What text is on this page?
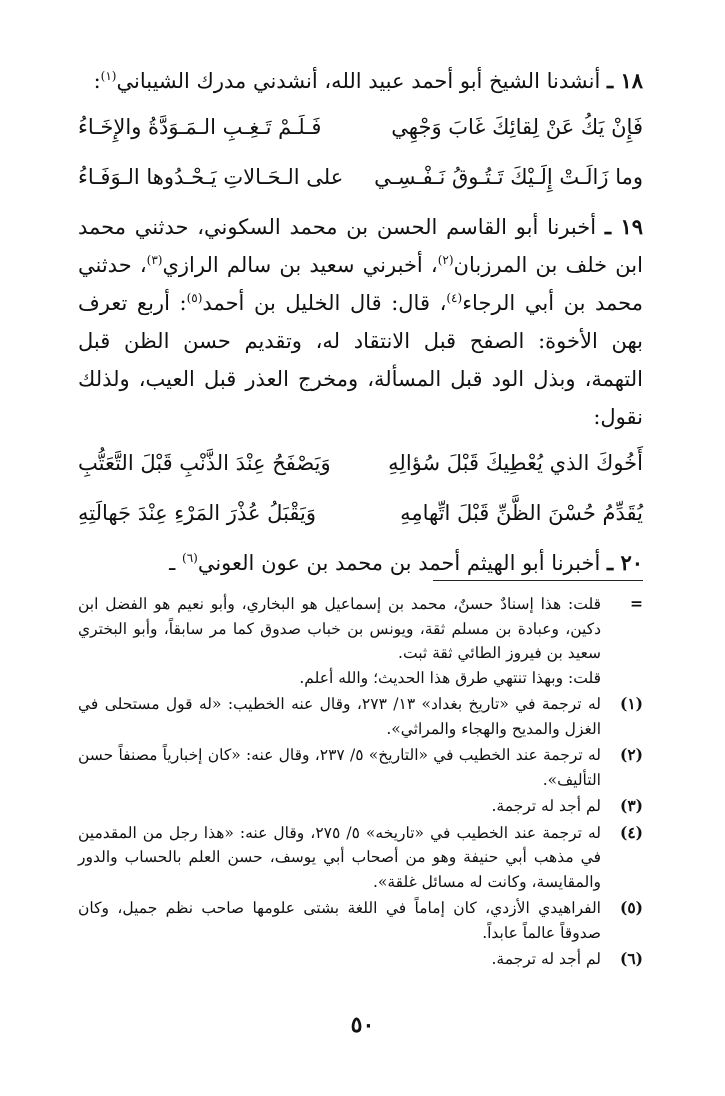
١٨ ـ أنشدنا الشيخ أبو أحمد عبيد الله، أنشدني مدرك الشيباني$^{(١)}$:

فَإِنْ يَكُ عَنْ لِقائِكَ غَابَ وَجْهِي
فَـلَـمْ تَـغِـبِ الـمَـوَدَّةُ والإِخَـاءُ
وما زَالَـتْ إِلَـيْكَ تَـتُـوقُ نَـفْـسِـي
على الـحَـالاتِ يَـحْـدُوها الـوَفَـاءُ

١٩ ـ أخبرنا أبو القاسم الحسن بن محمد السكوني، حدثني محمد ابن خلف بن المرزبان$^{(٢)}$، أخبرني سعيد بن سالم الرازي$^{(٣)}$، حدثني محمد بن أبي الرجاء$^{(٤)}$، قال: قال الخليل بن أحمد$^{(٥)}$: أربع تعرف بهن الأخوة: الصفح قبل الانتقاد له، وتقديم حسن الظن قبل التهمة، وبذل الود قبل المسألة، ومخرج العذر قبل العيب، ولذلك نقول:

أَخُوكَ الذي يُعْطِيكَ قَبْلَ سُؤالِهِ
وَيَصْفَحُ عِنْدَ الذَّنْبِ قَبْلَ التَّعَتُّبِ
يُقَدِّمُ حُسْنَ الظَّنِّ قَبْلَ اتِّهامِهِ
وَيَقْبَلُ عُذْرَ المَرْءِ عِنْدَ جَهالَتِهِ

٢٠ ـ أخبرنا أبو الهيثم أحمد بن محمد بن عون العوني$^{(٦)}$ ـ

=
قلت: هذا إسنادٌ حسنٌ، محمد بن إسماعيل هو البخاري، وأبو نعيم هو الفضل ابن دكين، وعبادة بن مسلم ثقة، ويونس بن خباب صدوق كما مر سابقاً، وأبو البختري سعيد بن فيروز الطائي ثقة ثبت.
قلت: وبهذا تنتهي طرق هذا الحديث؛ والله أعلم.
(١)
له ترجمة في «تاريخ بغداد» ١٣/ ٢٧٣، وقال عنه الخطيب: «له قول مستحلى في الغزل والمديح والهجاء والمراثي».
(٢)
له ترجمة عند الخطيب في «التاريخ» ٥/ ٢٣٧، وقال عنه: «كان إخبارياً مصنفاً حسن التأليف».
(٣)
لم أجد له ترجمة.
(٤)
له ترجمة عند الخطيب في «تاريخه» ٥/ ٢٧٥، وقال عنه: «هذا رجل من المقدمين في مذهب أبي حنيفة وهو من أصحاب أبي يوسف، حسن العلم بالحساب والدور والمقايسة، وكانت له مسائل غلقة».
(٥)
الفراهيدي الأزدي، كان إماماً في اللغة بشتى علومها صاحب نظم جميل، وكان صدوقاً عالماً عابداً.
(٦)
لم أجد له ترجمة.
٥٠
